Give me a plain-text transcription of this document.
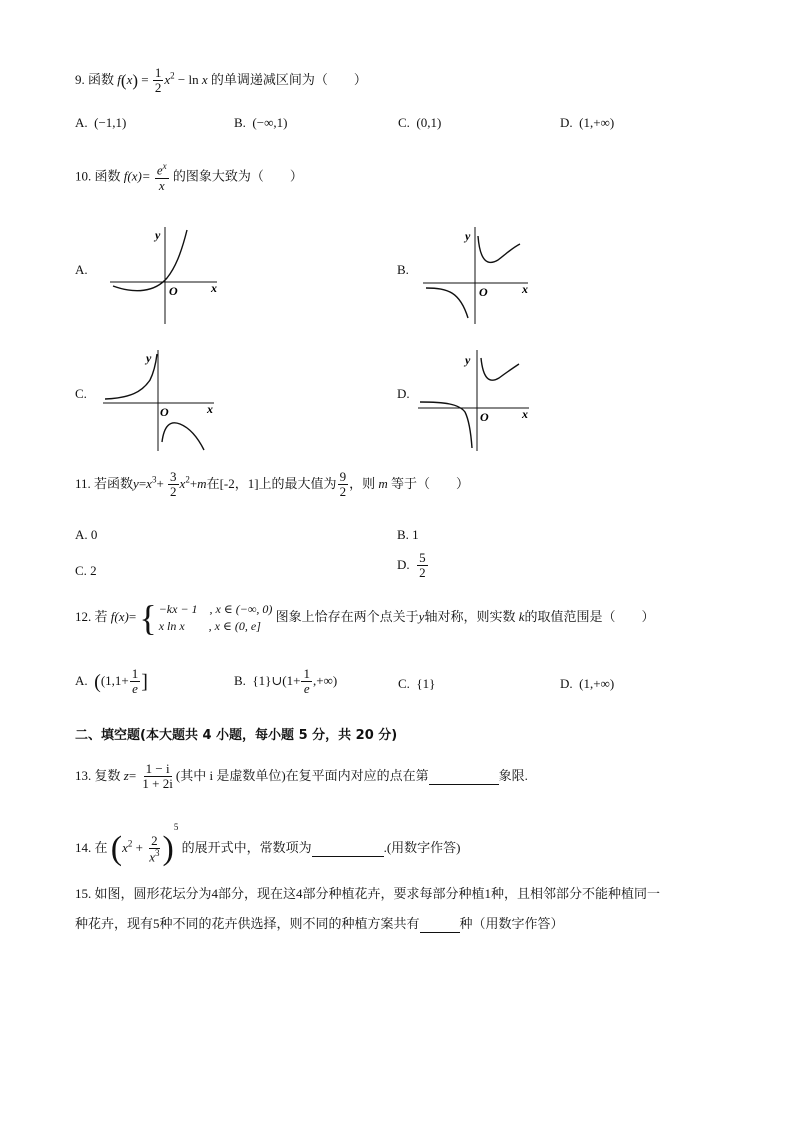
9. 函数 $f(x) = \frac{1}{2} x^2 - \ln x$ 的单调递减区间为（　　）
A. (−1,1)	B. (−∞,1)	C. (0,1)	D. (1,+∞)
10. 函数 $f(x)= \frac{e^x}{x}$ 的图象大致为（　　）
A.	B.
C.	D.
y
x
O
y
x
O
y
x
O
y
x
O
11. 若函数$y=x^3+ \frac{3}{2} x^2+m$在[-2，1]上的最大值为 $\frac{9}{2}$ ，则 m 等于（　　）
A. 0	B. 1
C. 2	D. $\frac{5}{2}$
12. 若 f(x)= { −kx − 1　, x ∈ (−∞, 0)
x ln x　　, x ∈ (0, e]
图象上恰存在两个点关于y轴对称，则实数 k的取值范围是（　　）
A. (($1,1+ \frac{1}{e}$ ]	B. {1}∪(1+ $\frac{1}{e}$ ,+∞)	C. {1}	D. (1,+∞)
二、填空题(本大题共 4 小题，每小题 5 分，共 20 分)
13. 复数 $z= \frac{1 - i}{1 + 2i}$ (其中 i 是虚数单位)在复平面内对应的点在第	象限.
14. 在 $(x^2 + \frac{2}{x^3} )^5$ 的展开式中，常数项为	.(用数字作答)
15. 如图，圆形花坛分为4部分，现在这4部分种植花卉，要求每部分种植1种，且相邻部分不能种植同一
种花卉，现有5种不同的花卉供选择，则不同的种植方案共有	种（用数字作答）
